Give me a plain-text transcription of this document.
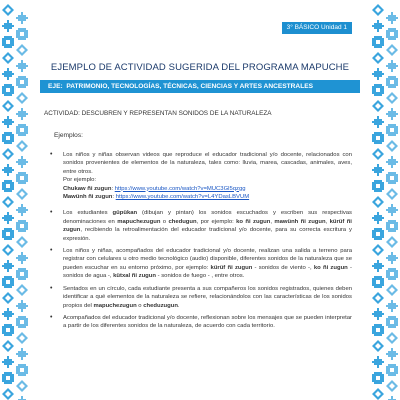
3° BÁSICO Unidad 1
EJEMPLO DE ACTIVIDAD SUGERIDA DEL PROGRAMA MAPUCHE
EJE: PATRIMONIO, TECNOLOGÍAS, TÉCNICAS, CIENCIAS Y ARTES ANCESTRALES
ACTIVIDAD: DESCUBREN Y REPRESENTAN SONIDOS DE LA NATURALEZA
Ejemplos:
• Los niños y niñas observan videos que reproduce el educador tradicional y/o docente, relacionados con sonidos provenientes de elementos de la naturaleza, tales como: lluvia, marea, cascadas, animales, aves, entre otros.

Por ejemplo:

Chukaw ñi zugun: https://www.youtube.com/watch?v=MUC3Gl5qzgg

Mawünh ñi zugun: https://www.youtube.com/watch?v=L4YDasLBVUM

• Los estudiantes güpükan (dibujan y pintan) los sonidos escuchados y escriben sus respectivas denominaciones en mapuchezugun o chedugun, por ejemplo: ko ñi zugun, mawünh ñi zugun, kürüf ñi zugun, recibiendo la retroalimentación del educador tradicional y/o docente, para su correcta escritura y expresión.

• Los niños y niñas, acompañados del educador tradicional y/o docente, realizan una salida a terreno para registrar con celulares u otro medio tecnológico (audio) disponible, diferentes sonidos de la naturaleza que se pueden escuchar en su entorno próximo, por ejemplo: kürüf ñi zugun - sonidos de viento -, ko ñi zugun - sonidos de agua -, kütxal ñi zugun - sonidos de fuego - , entre otros.

• Sentados en un círculo, cada estudiante presenta a sus compañeros los sonidos registrados, quienes deben identificar a qué elementos de la naturaleza se refiere, relacionándolos con las características de los sonidos propios del mapuchezugun o cheduzugun.

• Acompañados del educador tradicional y/o docente, reflexionan sobre los mensajes que se pueden interpretar a partir de los diferentes sonidos de la naturaleza, de acuerdo con cada territorio.
